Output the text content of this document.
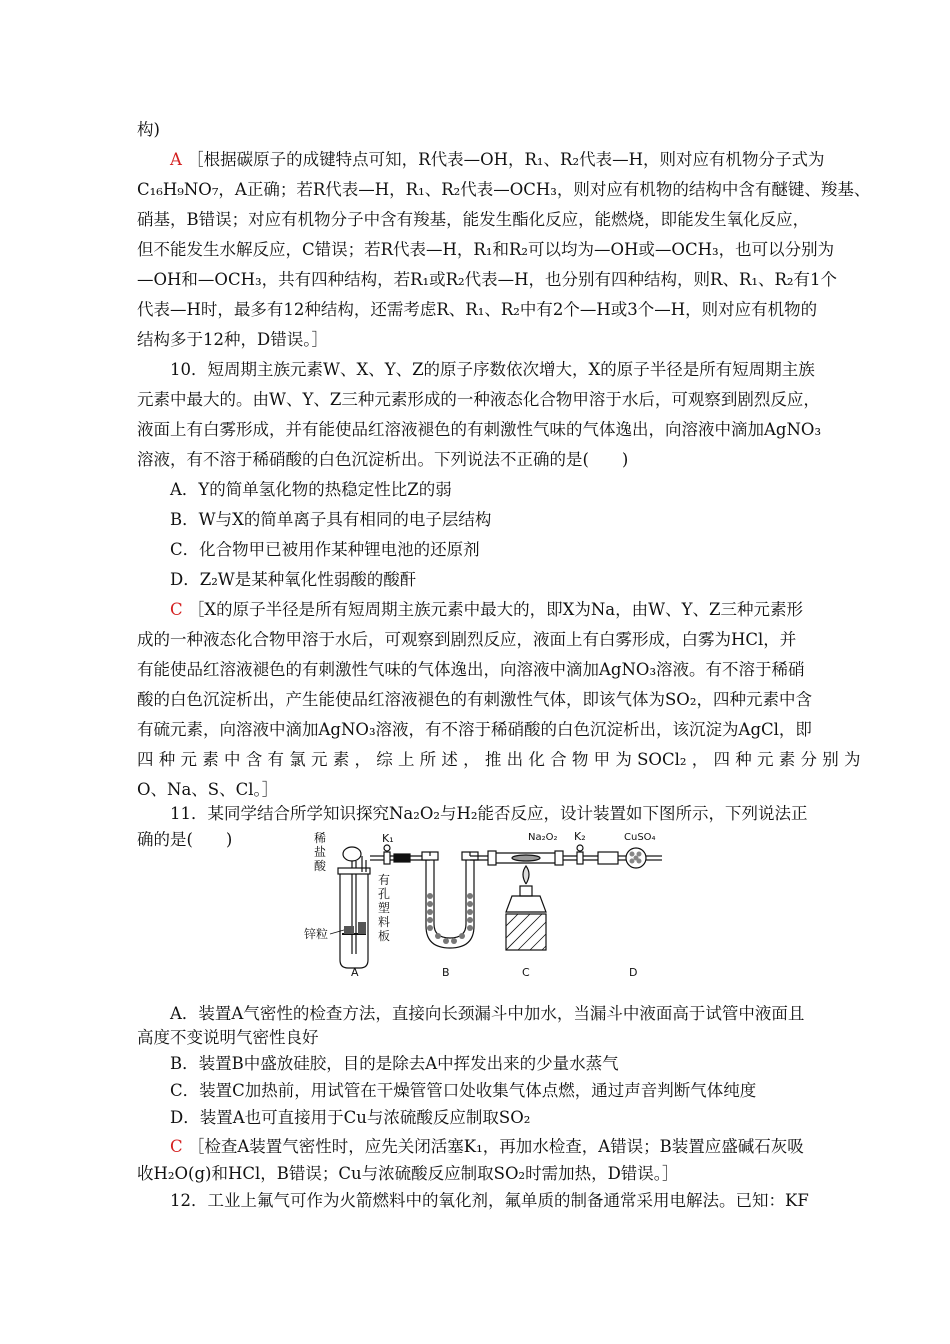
构)
A ［根据碳原子的成键特点可知，R代表—OH，R₁、R₂代表—H，则对应有机物分子式为
C₁₆H₉NO₇，A正确；若R代表—H，R₁、R₂代表—OCH₃，则对应有机物的结构中含有醚键、羧基、
硝基，B错误；对应有机物分子中含有羧基，能发生酯化反应，能燃烧，即能发生氧化反应，
但不能发生水解反应，C错误；若R代表—H，R₁和R₂可以均为—OH或—OCH₃，也可以分别为
—OH和—OCH₃，共有四种结构，若R₁或R₂代表—H，也分别有四种结构，则R、R₁、R₂有1个
代表—H时，最多有12种结构，还需考虑R、R₁、R₂中有2个—H或3个—H，则对应有机物的
结构多于12种，D错误。］
10．短周期主族元素W、X、Y、Z的原子序数依次增大，X的原子半径是所有短周期主族
元素中最大的。由W、Y、Z三种元素形成的一种液态化合物甲溶于水后，可观察到剧烈反应，
液面上有白雾形成，并有能使品红溶液褪色的有刺激性气味的气体逸出，向溶液中滴加AgNO₃
溶液，有不溶于稀硝酸的白色沉淀析出。下列说法不正确的是(　　)
A．Y的简单氢化物的热稳定性比Z的弱
B．W与X的简单离子具有相同的电子层结构
C．化合物甲已被用作某种锂电池的还原剂
D．Z₂W是某种氧化性弱酸的酸酐
C ［X的原子半径是所有短周期主族元素中最大的，即X为Na，由W、Y、Z三种元素形
成的一种液态化合物甲溶于水后，可观察到剧烈反应，液面上有白雾形成，白雾为HCl，并
有能使品红溶液褪色的有刺激性气味的气体逸出，向溶液中滴加AgNO₃溶液。有不溶于稀硝
酸的白色沉淀析出，产生能使品红溶液褪色的有刺激性气体，即该气体为SO₂，四种元素中含
有硫元素，向溶液中滴加AgNO₃溶液，有不溶于稀硝酸的白色沉淀析出，该沉淀为AgCl，即
四 种 元 素 中 含 有 氯 元 素 ， 综 上 所 述 ， 推 出 化 合 物 甲 为 SOCl₂ ， 四 种 元 素 分 别 为
O、Na、S、Cl。］
11．某同学结合所学知识探究Na₂O₂与H₂能否反应，设计装置如下图所示，下列说法正
稀
盐
酸
K₁	Na₂O₂ K₂	CuSO₄
锌粒
有
孔
塑
料
板
A	B	C	D
A．装置A气密性的检查方法，直接向长颈漏斗中加水，当漏斗中液面高于试管中液面且
高度不变说明气密性良好
B．装置B中盛放硅胶，目的是除去A中挥发出来的少量水蒸气
C．装置C加热前，用试管在干燥管管口处收集气体点燃，通过声音判断气体纯度
D．装置A也可直接用于Cu与浓硫酸反应制取SO₂
C ［检查A装置气密性时，应先关闭活塞K₁，再加水检查，A错误；B装置应盛碱石灰吸
收H₂O(g)和HCl，B错误；Cu与浓硫酸反应制取SO₂时需加热，D错误。］
12．工业上氟气可作为火箭燃料中的氧化剂，氟单质的制备通常采用电解法。已知：KF
确的是(　　)
